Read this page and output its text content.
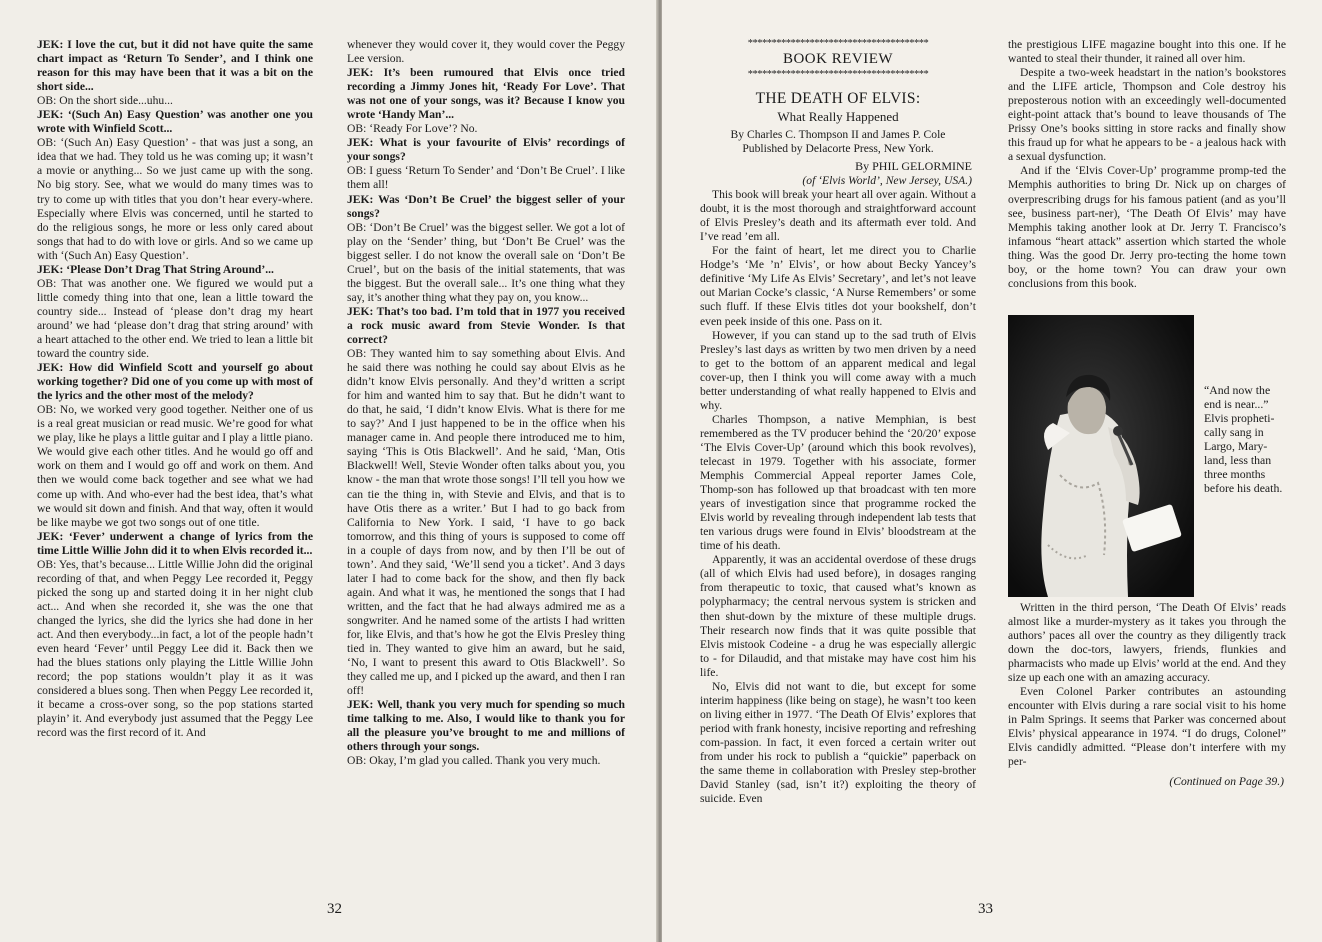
JEK: I love the cut, but it did not have quite the same chart impact as ‘Return To Sender’, and I think one reason for this may have been that it was a bit on the short side...

OB: On the short side...uhu...

JEK: ‘(Such An) Easy Question’ was another one you wrote with Winfield Scott...

OB: ‘(Such An) Easy Question’ - that was just a song, an idea that we had. They told us he was coming up; it wasn’t a movie or anything... So we just came up with the song. No big story. See, what we would do many times was to try to come up with titles that you don’t hear every-where. Especially where Elvis was concerned, until he started to do the religious songs, he more or less only cared about songs that had to do with love or girls. And so we came up with ‘(Such An) Easy Question’.

JEK: ‘Please Don’t Drag That String Around’...

OB: That was another one. We figured we would put a little comedy thing into that one, lean a little toward the country side... Instead of ‘please don’t drag my heart around’ we had ‘please don’t drag that string around’ with a heart attached to the other end. We tried to lean a little bit toward the country side.

JEK: How did Winfield Scott and yourself go about working together? Did one of you come up with most of the lyrics and the other most of the melody?

OB: No, we worked very good together. Neither one of us is a real great musician or read music. We’re good for what we play, like he plays a little guitar and I play a little piano. We would give each other titles. And he would go off and work on them and I would go off and work on them. And then we would come back together and see what we had come up with. And who-ever had the best idea, that’s what we would sit down and finish. And that way, often it would be like maybe we got two songs out of one title.

JEK: ‘Fever’ underwent a change of lyrics from the time Little Willie John did it to when Elvis recorded it...

OB: Yes, that’s because... Little Willie John did the original recording of that, and when Peggy Lee recorded it, Peggy picked the song up and started doing it in her night club act... And when she recorded it, she was the one that changed the lyrics, she did the lyrics she had done in her act. And then everybody...in fact, a lot of the people hadn’t even heard ‘Fever’ until Peggy Lee did it. Back then we had the blues stations only playing the Little Willie John record; the pop stations wouldn’t play it as it was considered a blues song. Then when Peggy Lee recorded it, it became a cross-over song, so the pop stations started playin’ it. And everybody just assumed that the Peggy Lee record was the first record of it. And

whenever they would cover it, they would cover the Peggy Lee version.

JEK: It’s been rumoured that Elvis once tried recording a Jimmy Jones hit, ‘Ready For Love’. That was not one of your songs, was it? Because I know you wrote ‘Handy Man’...

OB: ‘Ready For Love’? No.

JEK: What is your favourite of Elvis’ recordings of your songs?

OB: I guess ‘Return To Sender’ and ‘Don’t Be Cruel’. I like them all!

JEK: Was ‘Don’t Be Cruel’ the biggest seller of your songs?

OB: ‘Don’t Be Cruel’ was the biggest seller. We got a lot of play on the ‘Sender’ thing, but ‘Don’t Be Cruel’ was the biggest seller. I do not know the overall sale on ‘Don’t Be Cruel’, but on the basis of the initial statements, that was the biggest. But the overall sale... It’s one thing what they say, it’s another thing what they pay on, you know...

JEK: That’s too bad. I’m told that in 1977 you received a rock music award from Stevie Wonder. Is that correct?

OB: They wanted him to say something about Elvis. And he said there was nothing he could say about Elvis as he didn’t know Elvis personally. And they’d written a script for him and wanted him to say that. But he didn’t want to do that, he said, ‘I didn’t know Elvis. What is there for me to say?’ And I just happened to be in the office when his manager came in. And people there introduced me to him, saying ‘This is Otis Blackwell’. And he said, ‘Man, Otis Blackwell! Well, Stevie Wonder often talks about you, you know - the man that wrote those songs! I’ll tell you how we can tie the thing in, with Stevie and Elvis, and that is to have Otis there as a writer.’ But I had to go back from California to New York. I said, ‘I have to go back tomorrow, and this thing of yours is supposed to come off in a couple of days from now, and by then I’ll be out of town’. And they said, ‘We’ll send you a ticket’. And 3 days later I had to come back for the show, and then fly back again. And what it was, he mentioned the songs that I had written, and the fact that he had always admired me as a songwriter. And he named some of the artists I had written for, like Elvis, and that’s how he got the Elvis Presley thing tied in. They wanted to give him an award, but he said, ‘No, I want to present this award to Otis Blackwell’. So they called me up, and I picked up the award, and then I ran off!

JEK: Well, thank you very much for spending so much time talking to me. Also, I would like to thank you for all the pleasure you’ve brought to me and millions of others through your songs.

OB: Okay, I’m glad you called. Thank you very much.

32
**************************************
BOOK REVIEW
**************************************
THE DEATH OF ELVIS:
What Really Happened
By Charles C. Thompson II and James P. Cole
Published by Delacorte Press, New York.
By PHIL GELORMINE
(of ‘Elvis World’, New Jersey, USA.)

This book will break your heart all over again. Without a doubt, it is the most thorough and straightforward account of Elvis Presley’s death and its aftermath ever told. And I’ve read ’em all.

For the faint of heart, let me direct you to Charlie Hodge’s ‘Me ’n’ Elvis’, or how about Becky Yancey’s definitive ‘My Life As Elvis’ Secretary’, and let’s not leave out Marian Cocke’s classic, ‘A Nurse Remembers’ or some such fluff. If these Elvis titles dot your bookshelf, don’t even peek inside of this one. Pass on it.

However, if you can stand up to the sad truth of Elvis Presley’s last days as written by two men driven by a need to get to the bottom of an apparent medical and legal cover-up, then I think you will come away with a much better understanding of what really happened to Elvis and why.

Charles Thompson, a native Memphian, is best remembered as the TV producer behind the ‘20/20’ expose ‘The Elvis Cover-Up’ (around which this book revolves), telecast in 1979. Together with his associate, former Memphis Commercial Appeal reporter James Cole, Thomp-son has followed up that broadcast with ten more years of investigation since that programme rocked the Elvis world by revealing through independent lab tests that ten various drugs were found in Elvis’ bloodstream at the time of his death.

Apparently, it was an accidental overdose of these drugs (all of which Elvis had used before), in dosages ranging from therapeutic to toxic, that caused what’s known as polypharmacy; the central nervous system is stricken and then shut-down by the mixture of these multiple drugs. Their research now finds that it was quite possible that Elvis mistook Codeine - a drug he was especially allergic to - for Dilaudid, and that mistake may have cost him his life.

No, Elvis did not want to die, but except for some interim happiness (like being on stage), he wasn’t too keen on living either in 1977. ‘The Death Of Elvis’ explores that period with frank honesty, incisive reporting and refreshing com-passion. In fact, it even forced a certain writer out from under his rock to publish a “quickie” paperback on the same theme in collaboration with Presley step-brother David Stanley (sad, isn’t it?) exploiting the theory of suicide. Even

the prestigious LIFE magazine bought into this one. If he wanted to steal their thunder, it rained all over him.

Despite a two-week headstart in the nation’s bookstores and the LIFE article, Thompson and Cole destroy his preposterous notion with an exceedingly well-documented eight-point attack that’s bound to leave thousands of The Prissy One’s books sitting in store racks and finally show this fraud up for what he appears to be - a jealous hack with a sexual dysfunction.

And if the ‘Elvis Cover-Up’ programme promp-ted the Memphis authorities to bring Dr. Nick up on charges of overprescribing drugs for his famous patient (and as you’ll see, business part-ner), ‘The Death Of Elvis’ may have Memphis taking another look at Dr. Jerry T. Francisco’s infamous “heart attack” assertion which started the whole thing. Was the good Dr. Jerry pro-tecting the home town boy, or the home town? You can draw your own conclusions from this book.

“And now the end is near...” Elvis propheti-cally sang in Largo, Mary-land, less than three months before his death.

Written in the third person, ‘The Death Of Elvis’ reads almost like a murder-mystery as it takes you through the authors’ paces all over the country as they diligently track down the doc-tors, lawyers, friends, flunkies and pharmacists who made up Elvis’ world at the end. And they size up each one with an amazing accuracy.

Even Colonel Parker contributes an astounding encounter with Elvis during a rare social visit to his home in Palm Springs. It seems that Parker was concerned about Elvis’ physical appearance in 1974. “I do drugs, Colonel” Elvis candidly admitted. “Please don’t interfere with my per-

(Continued on Page 39.)
33
